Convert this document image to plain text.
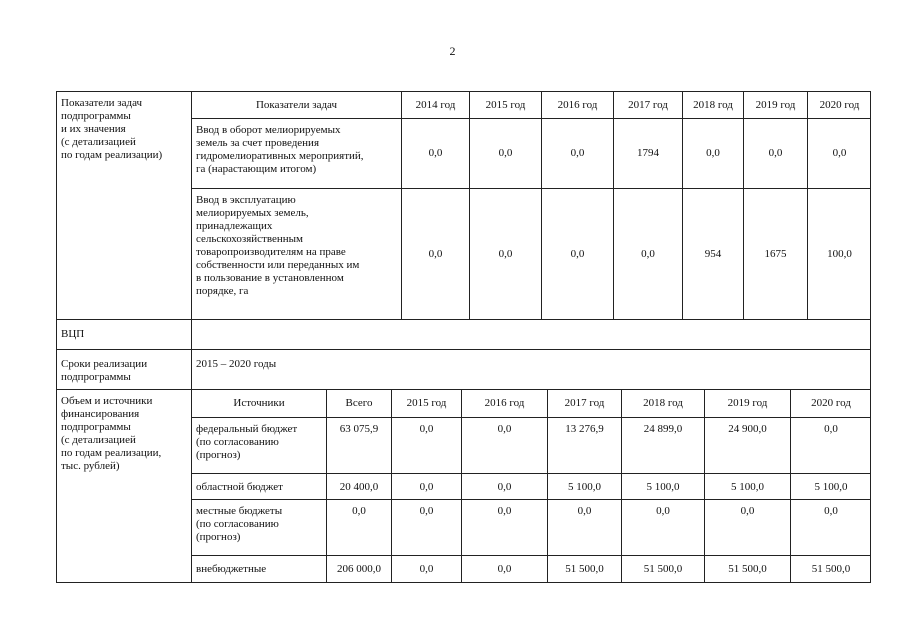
2
Показатели задач
подпрограммы
и их значения
(с детализацией
по годам реализации)
Показатели задач	2014 год	2015 год	2016 год	2017 год	2018 год	2019 год	2020 год
Ввод в оборот мелиорируемых
земель за счет проведения
гидромелиоративных мероприятий,
га (нарастающим итогом)
0,0	0,0	0,0	1794	0,0	0,0	0,0
Ввод в эксплуатацию
мелиорируемых земель,
принадлежащих
сельскохозяйственным
товаропроизводителям на праве
собственности или переданных им
в пользование в установленном
порядке, га
0,0	0,0	0,0	0,0	954	1675	100,0
ВЦП
Сроки реализации
подпрограммы
2015 – 2020 годы
Объем и источники
финансирования
подпрограммы
(с детализацией
по годам реализации,
тыс. рублей)
Источники	Всего	2015 год	2016 год	2017 год	2018 год	2019 год	2020 год
федеральный бюджет
(по согласованию
(прогноз)
63 075,9	0,0	0,0	13 276,9	24 899,0	24 900,0	0,0
областной бюджет	20 400,0	0,0	0,0	5 100,0	5 100,0	5 100,0	5 100,0
местные бюджеты
(по согласованию
(прогноз)
0,0	0,0	0,0	0,0	0,0	0,0	0,0
внебюджетные	206 000,0	0,0	0,0	51 500,0	51 500,0	51 500,0	51 500,0
